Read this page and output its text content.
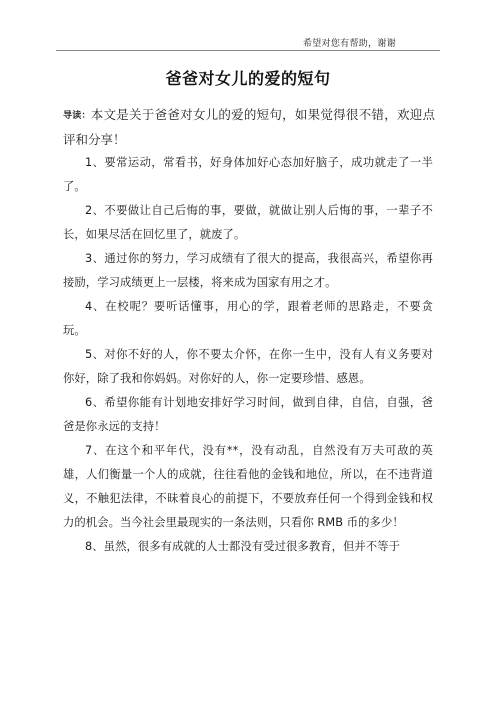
希望对您有帮助，谢谢
爸爸对女儿的爱的短句
导读：本文是关于爸爸对女儿的爱的短句，如果觉得很不错，欢迎点评和分享！

1、要常运动，常看书，好身体加好心态加好脑子，成功就走了一半了。

2、不要做让自己后悔的事，要做，就做让别人后悔的事，一辈子不长，如果尽活在回忆里了，就废了。

3、通过你的努力，学习成绩有了很大的提高，我很高兴，希望你再接励，学习成绩更上一层楼，将来成为国家有用之才。

4、在校呢？要听话懂事，用心的学，跟着老师的思路走，不要贪玩。

5、对你不好的人，你不要太介怀，在你一生中，没有人有义务要对你好，除了我和你妈妈。对你好的人，你一定要珍惜、感恩。

6、希望你能有计划地安排好学习时间，做到自律，自信，自强，爸爸是你永远的支持！

7、在这个和平年代，没有**，没有动乱，自然没有万夫可敌的英雄，人们衡量一个人的成就，往往看他的金钱和地位，所以，在不违背道义，不触犯法律，不昧着良心的前提下，不要放弃任何一个得到金钱和权力的机会。当今社会里最现实的一条法则，只看你 RMB 币的多少！

8、虽然，很多有成就的人士都没有受过很多教育，但并不等于
